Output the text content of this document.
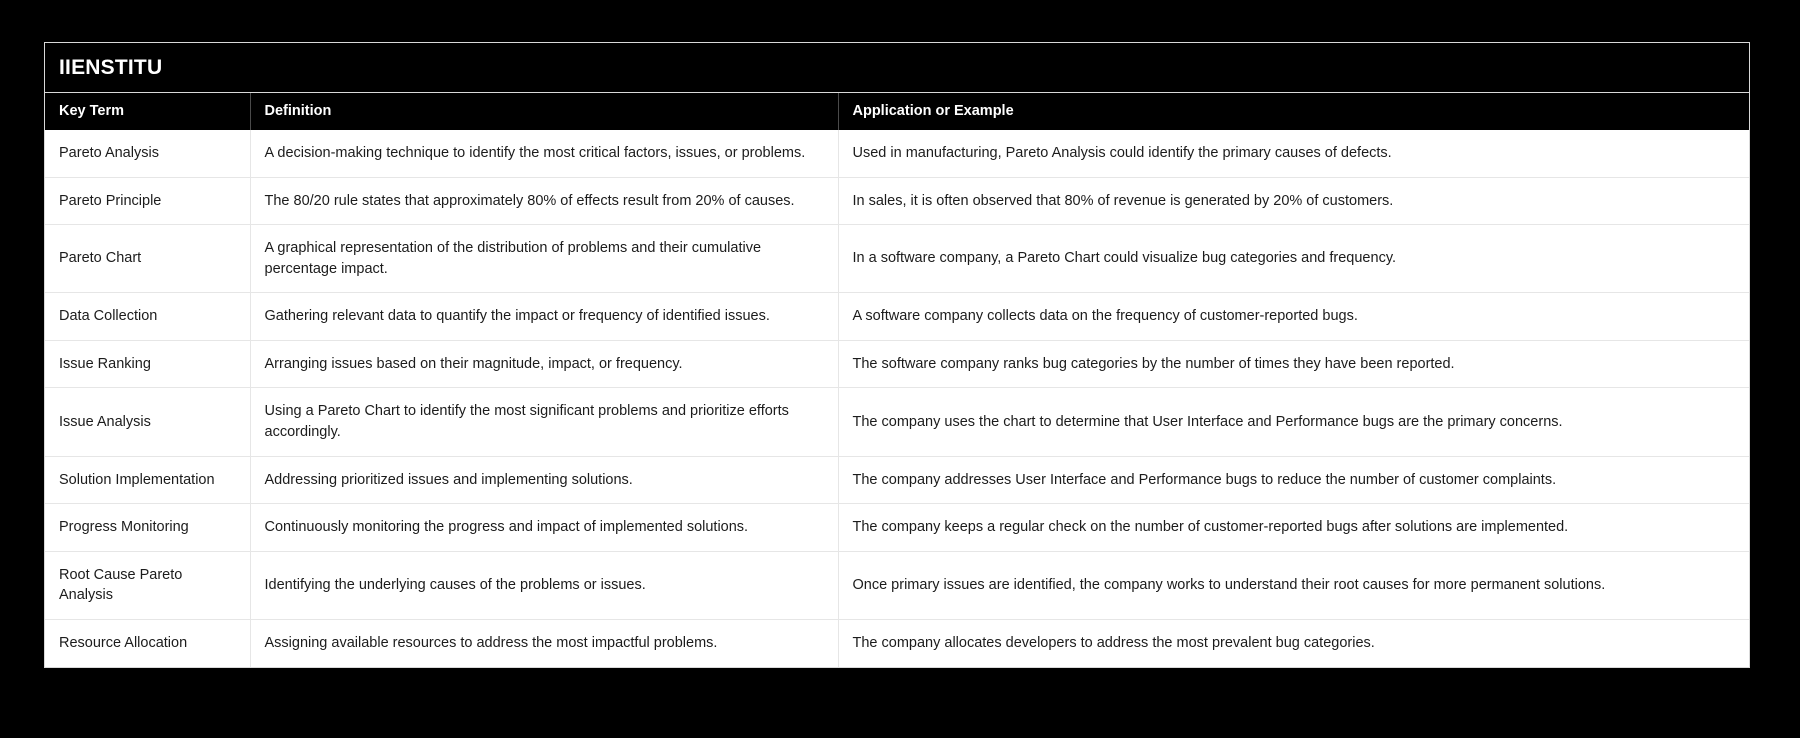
IIENSTITU
Key Term	Definition	Application or Example
Pareto Analysis	A decision-making technique to identify the most critical factors, issues, or problems.	Used in manufacturing, Pareto Analysis could identify the primary causes of defects.
Pareto Principle	The 80/20 rule states that approximately 80% of effects result from 20% of causes.	In sales, it is often observed that 80% of revenue is generated by 20% of customers.
Pareto Chart	A graphical representation of the distribution of problems and their cumulative percentage impact.	In a software company, a Pareto Chart could visualize bug categories and frequency.
Data Collection	Gathering relevant data to quantify the impact or frequency of identified issues.	A software company collects data on the frequency of customer-reported bugs.
Issue Ranking	Arranging issues based on their magnitude, impact, or frequency.	The software company ranks bug categories by the number of times they have been reported.
Issue Analysis	Using a Pareto Chart to identify the most significant problems and prioritize efforts accordingly.	The company uses the chart to determine that User Interface and Performance bugs are the primary concerns.
Solution Implementation	Addressing prioritized issues and implementing solutions.	The company addresses User Interface and Performance bugs to reduce the number of customer complaints.
Progress Monitoring	Continuously monitoring the progress and impact of implemented solutions.	The company keeps a regular check on the number of customer-reported bugs after solutions are implemented.
Root Cause Pareto Analysis	Identifying the underlying causes of the problems or issues.	Once primary issues are identified, the company works to understand their root causes for more permanent solutions.
Resource Allocation	Assigning available resources to address the most impactful problems.	The company allocates developers to address the most prevalent bug categories.
